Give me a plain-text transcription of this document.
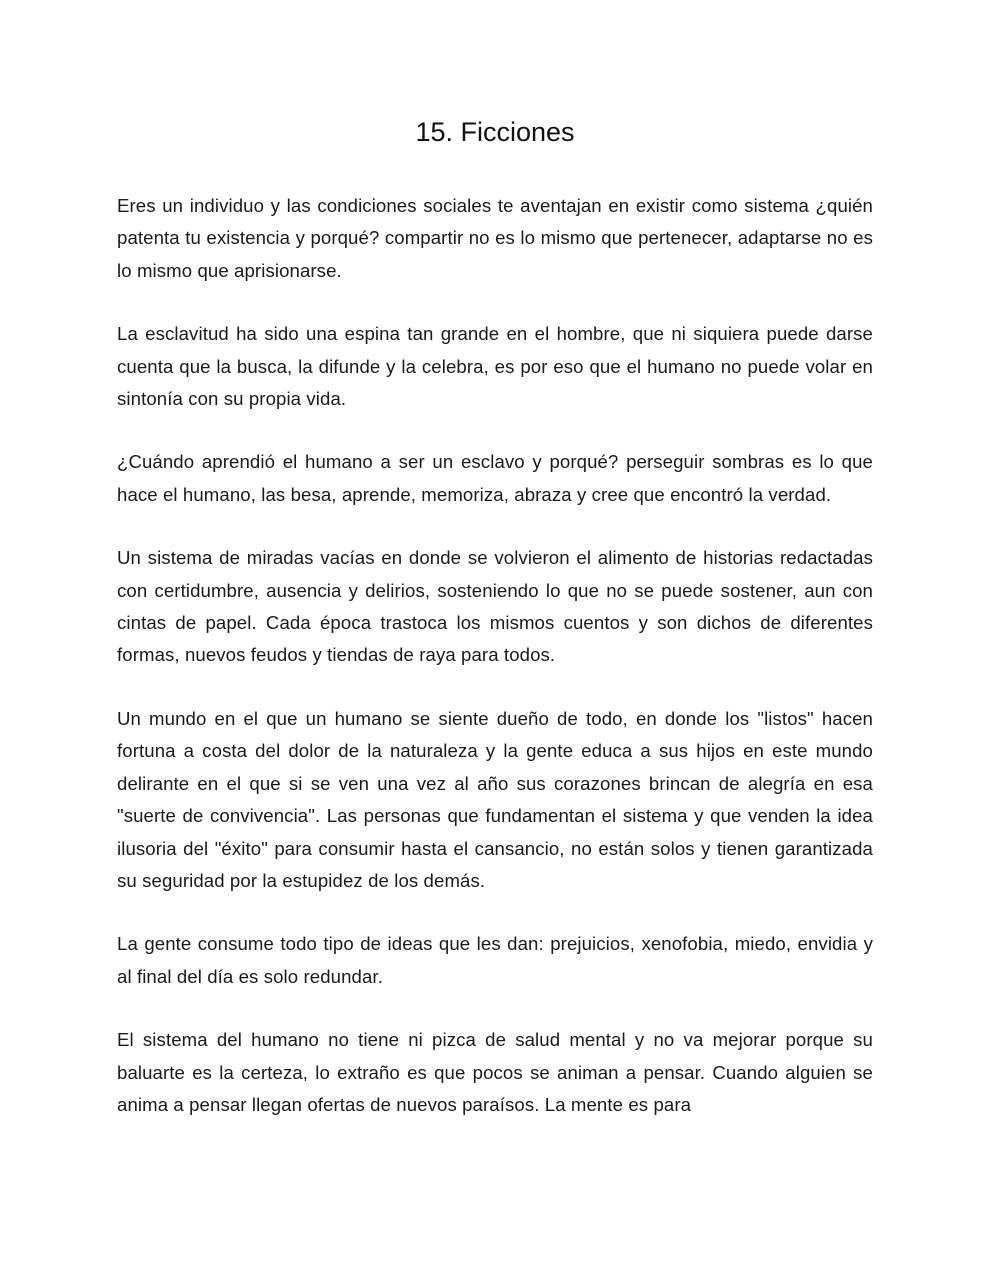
15. Ficciones

Eres un individuo y las condiciones sociales te aventajan en existir como sistema ¿quién patenta tu existencia y porqué? compartir no es lo mismo que pertenecer, adaptarse no es lo mismo que aprisionarse.

La esclavitud ha sido una espina tan grande en el hombre, que ni siquiera puede darse cuenta que la busca, la difunde y la celebra, es por eso que el humano no puede volar en sintonía con su propia vida.

¿Cuándo aprendió el humano a ser un esclavo y porqué? perseguir sombras es lo que hace el humano, las besa, aprende, memoriza, abraza y cree que encontró la verdad.

Un sistema de miradas vacías en donde se volvieron el alimento de historias redactadas con certidumbre, ausencia y delirios, sosteniendo lo que no se puede sostener, aun con cintas de papel. Cada época trastoca los mismos cuentos y son dichos de diferentes formas, nuevos feudos y tiendas de raya para todos.

Un mundo en el que un humano se siente dueño de todo, en donde los "listos" hacen fortuna a costa del dolor de la naturaleza y la gente educa a sus hijos en este mundo delirante en el que si se ven una vez al año sus corazones brincan de alegría en esa "suerte de convivencia". Las personas que fundamentan el sistema y que venden la idea ilusoria del "éxito" para consumir hasta el cansancio, no están solos y tienen garantizada su seguridad por la estupidez de los demás.

La gente consume todo tipo de ideas que les dan: prejuicios, xenofobia, miedo, envidia y al final del día es solo redundar.

El sistema del humano no tiene ni pizca de salud mental y no va mejorar porque su baluarte es la certeza, lo extraño es que pocos se animan a pensar. Cuando alguien se anima a pensar llegan ofertas de nuevos paraísos. La mente es para
